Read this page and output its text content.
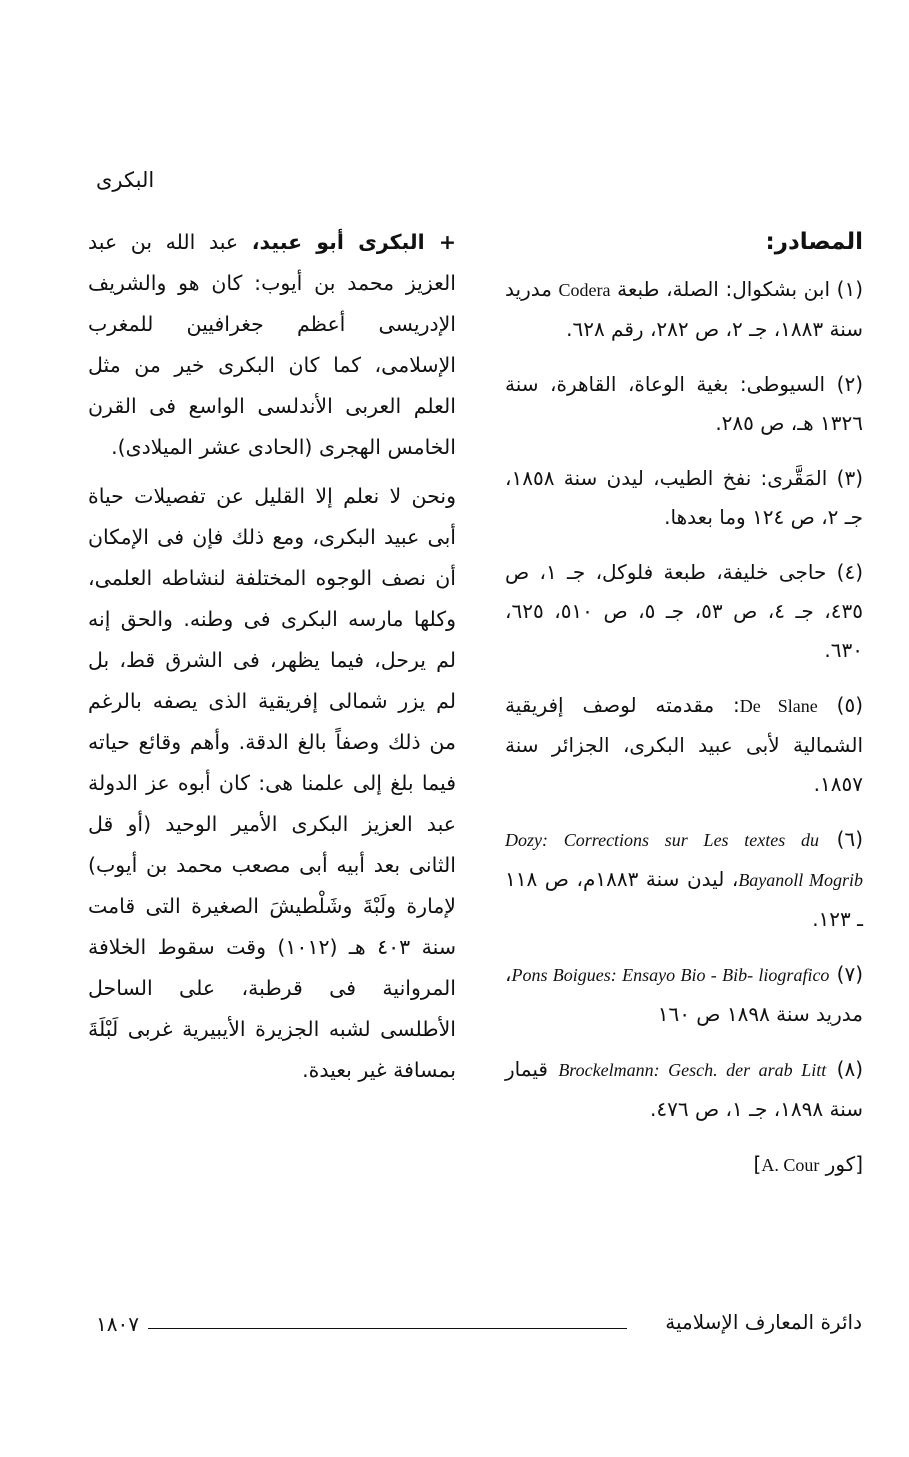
البكرى
المصادر:
(١) ابن بشكوال: الصلة، طبعة Codera مدريد سنة ١٨٨٣، جـ ٢، ص ٢٨٢، رقم ٦٢٨.
(٢) السيوطى: بغية الوعاة، القاهرة، سنة ١٣٢٦ هـ، ص ٢٨٥.
(٣) المَقَّرى: نفخ الطيب، ليدن سنة ١٨٥٨، جـ ٢، ص ١٢٤ وما بعدها.
(٤) حاجى خليفة، طبعة فلوكل، جـ ١، ص ٤٣٥، جـ ٤، ص ٥٣، جـ ٥، ص ٥١٠، ٦٢٥، ٦٣٠.
(٥) De Slane: مقدمته لوصف إفريقية الشمالية لأبى عبيد البكرى، الجزائر سنة ١٨٥٧.
(٦) Dozy: Corrections sur Les textes du Bayanoll Mogrib، ليدن سنة ١٨٨٣م، ص ١١٨ ـ ١٢٣.
(٧) Pons Boigues: Ensayo Bio - Bib- liografico، مدريد سنة ١٨٩٨ ص ١٦٠
(٨) Brockelmann: Gesch. der arab Litt قيمار سنة ١٨٩٨، جـ ١، ص ٤٧٦.
[كور A. Cour]

+ البكرى أبو عبيد، عبد الله بن عبد العزيز محمد بن أيوب: كان هو والشريف الإدريسى أعظم جغرافيين للمغرب الإسلامى، كما كان البكرى خير من مثل العلم العربى الأندلسى الواسع فى القرن الخامس الهجرى (الحادى عشر الميلادى).

ونحن لا نعلم إلا القليل عن تفصيلات حياة أبى عبيد البكرى، ومع ذلك فإن فى الإمكان أن نصف الوجوه المختلفة لنشاطه العلمى، وكلها مارسه البكرى فى وطنه. والحق إنه لم يرحل، فيما يظهر، فى الشرق قط، بل لم يزر شمالى إفريقية الذى يصفه بالرغم من ذلك وصفاً بالغ الدقة. وأهم وقائع حياته فيما بلغ إلى علمنا هى: كان أبوه عز الدولة عبد العزيز البكرى الأمير الوحيد (أو قل الثانى بعد أبيه أبى مصعب محمد بن أيوب) لإمارة ولَبْةَ وشَلْطيشَ الصغيرة التى قامت سنة ٤٠٣ هـ (١٠١٢) وقت سقوط الخلافة المروانية فى قرطبة، على الساحل الأطلسى لشبه الجزيرة الأيبيرية غربى لَبْلَةَ بمسافة غير بعيدة.

١٨٠٧	دائرة المعارف الإسلامية
